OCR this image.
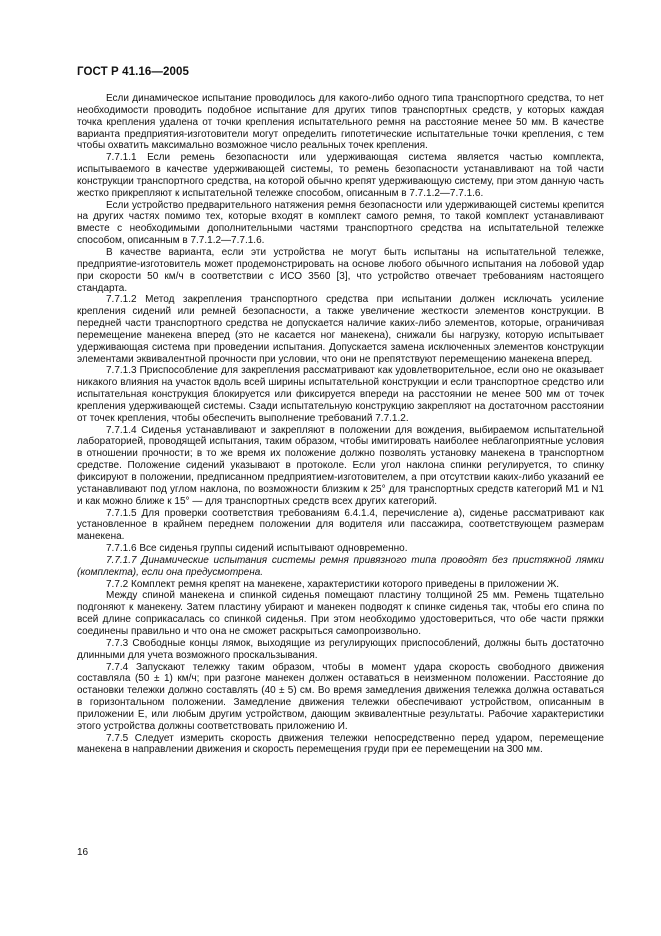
ГОСТ Р 41.16—2005

Если динамическое испытание проводилось для какого-либо одного типа транспортного средства, то нет необходимости проводить подобное испытание для других типов транспортных средств, у которых каждая точка крепления удалена от точки крепления испытательного ремня на расстояние менее 50 мм. В качестве варианта предприятия-изготовители могут определить гипотетические испытательные точки крепления, с тем чтобы охватить максимально возможное число реальных точек крепления.

7.7.1.1 Если ремень безопасности или удерживающая система является частью комплекта, испытываемого в качестве удерживающей системы, то ремень безопасности устанавливают на той части конструкции транспортного средства, на которой обычно крепят удерживающую систему, при этом данную часть жестко прикрепляют к испытательной тележке способом, описанным в 7.7.1.2—7.7.1.6.

Если устройство предварительного натяжения ремня безопасности или удерживающей системы крепится на других частях помимо тех, которые входят в комплект самого ремня, то такой комплект устанавливают вместе с необходимыми дополнительными частями транспортного средства на испытательной тележке способом, описанным в 7.7.1.2—7.7.1.6.

В качестве варианта, если эти устройства не могут быть испытаны на испытательной тележке, предприятие-изготовитель может продемонстрировать на основе любого обычного испытания на лобовой удар при скорости 50 км/ч в соответствии с ИСО 3560 [3], что устройство отвечает требованиям настоящего стандарта.

7.7.1.2 Метод закрепления транспортного средства при испытании должен исключать усиление крепления сидений или ремней безопасности, а также увеличение жесткости элементов конструкции. В передней части транспортного средства не допускается наличие каких-либо элементов, которые, ограничивая перемещение манекена вперед (это не касается ног манекена), снижали бы нагрузку, которую испытывает удерживающая система при проведении испытания. Допускается замена исключенных элементов конструкции элементами эквивалентной прочности при условии, что они не препятствуют перемещению манекена вперед.

7.7.1.3 Приспособление для закрепления рассматривают как удовлетворительное, если оно не оказывает никакого влияния на участок вдоль всей ширины испытательной конструкции и если транспортное средство или испытательная конструкция блокируется или фиксируется впереди на расстоянии не менее 500 мм от точек крепления удерживающей системы. Сзади испытательную конструкцию закрепляют на достаточном расстоянии от точек крепления, чтобы обеспечить выполнение требований 7.7.1.2.

7.7.1.4 Сиденья устанавливают и закрепляют в положении для вождения, выбираемом испытательной лабораторией, проводящей испытания, таким образом, чтобы имитировать наиболее неблагоприятные условия в отношении прочности; в то же время их положение должно позволять установку манекена в транспортном средстве. Положение сидений указывают в протоколе. Если угол наклона спинки регулируется, то спинку фиксируют в положении, предписанном предприятием-изготовителем, а при отсутствии каких-либо указаний ее устанавливают под углом наклона, по возможности близким к 25° для транспортных средств категорий M1 и N1 и как можно ближе к 15° — для транспортных средств всех других категорий.

7.7.1.5 Для проверки соответствия требованиям 6.4.1.4, перечисление а), сиденье рассматривают как установленное в крайнем переднем положении для водителя или пассажира, соответствующем размерам манекена.

7.7.1.6 Все сиденья группы сидений испытывают одновременно.

7.7.1.7 Динамические испытания системы ремня привязного типа проводят без пристяжной лямки (комплекта), если она предусмотрена.

7.7.2 Комплект ремня крепят на манекене, характеристики которого приведены в приложении Ж.

Между спиной манекена и спинкой сиденья помещают пластину толщиной 25 мм. Ремень тщательно подгоняют к манекену. Затем пластину убирают и манекен подводят к спинке сиденья так, чтобы его спина по всей длине соприкасалась со спинкой сиденья. При этом необходимо удостовериться, что обе части пряжки соединены правильно и что она не сможет раскрыться самопроизвольно.

7.7.3 Свободные концы лямок, выходящие из регулирующих приспособлений, должны быть достаточно длинными для учета возможного проскальзывания.

7.7.4 Запускают тележку таким образом, чтобы в момент удара скорость свободного движения составляла (50 ± 1) км/ч; при разгоне манекен должен оставаться в неизменном положении. Расстояние до остановки тележки должно составлять (40 ± 5) см. Во время замедления движения тележка должна оставаться в горизонтальном положении. Замедление движения тележки обеспечивают устройством, описанным в приложении Е, или любым другим устройством, дающим эквивалентные результаты. Рабочие характеристики этого устройства должны соответствовать приложению И.

7.7.5 Следует измерить скорость движения тележки непосредственно перед ударом, перемещение манекена в направлении движения и скорость перемещения груди при ее перемещении на 300 мм.

16
